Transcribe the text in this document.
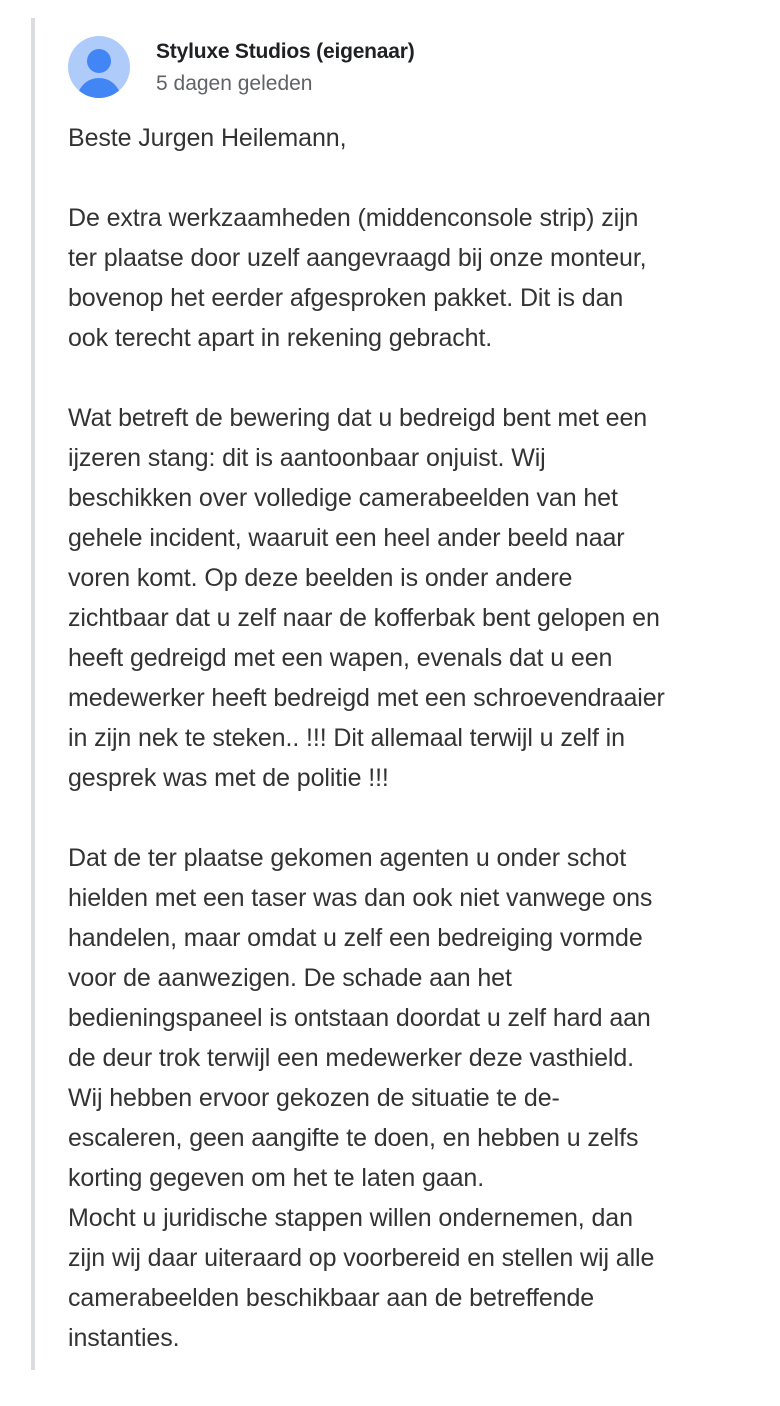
Styluxe Studios (eigenaar)
5 dagen geleden
Beste Jurgen Heilemann,
De extra werkzaamheden (middenconsole strip) zijn
ter plaatse door uzelf aangevraagd bij onze monteur,
bovenop het eerder afgesproken pakket. Dit is dan
ook terecht apart in rekening gebracht.
Wat betreft de bewering dat u bedreigd bent met een
ijzeren stang: dit is aantoonbaar onjuist. Wij
beschikken over volledige camerabeelden van het
gehele incident, waaruit een heel ander beeld naar
voren komt. Op deze beelden is onder andere
zichtbaar dat u zelf naar de kofferbak bent gelopen en
heeft gedreigd met een wapen, evenals dat u een
medewerker heeft bedreigd met een schroevendraaier
in zijn nek te steken.. !!! Dit allemaal terwijl u zelf in
gesprek was met de politie !!!
Dat de ter plaatse gekomen agenten u onder schot
hielden met een taser was dan ook niet vanwege ons
handelen, maar omdat u zelf een bedreiging vormde
voor de aanwezigen. De schade aan het
bedieningspaneel is ontstaan doordat u zelf hard aan
de deur trok terwijl een medewerker deze vasthield.
Wij hebben ervoor gekozen de situatie te de-
escaleren, geen aangifte te doen, en hebben u zelfs
korting gegeven om het te laten gaan.
Mocht u juridische stappen willen ondernemen, dan
zijn wij daar uiteraard op voorbereid en stellen wij alle
camerabeelden beschikbaar aan de betreffende
instanties.
